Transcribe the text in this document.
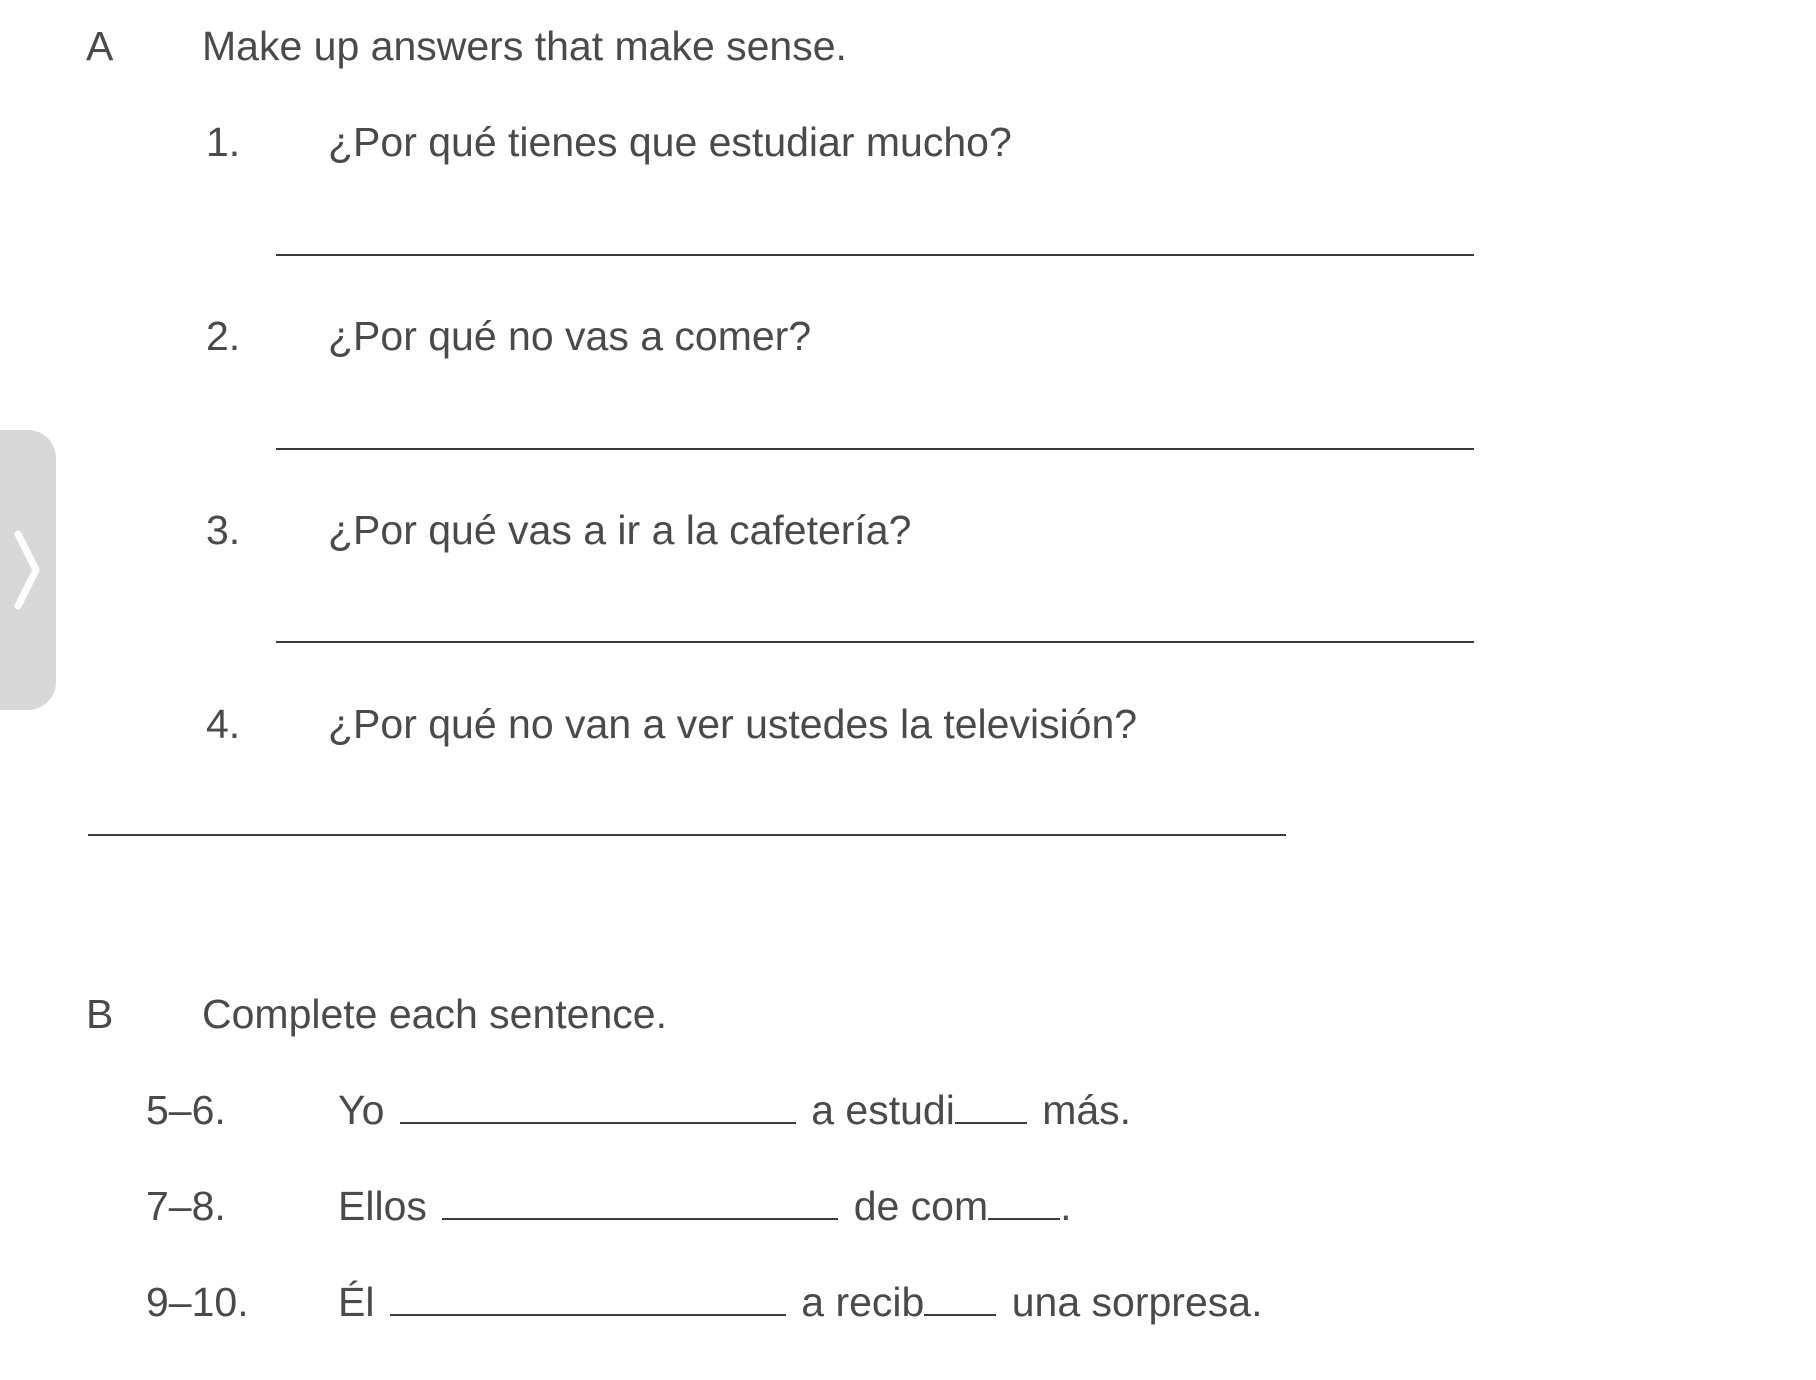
A Make up answers that make sense.
1. ¿Por qué tienes que estudiar mucho?
2. ¿Por qué no vas a comer?
3. ¿Por qué vas a ir a la cafetería?
4. ¿Por qué no van a ver ustedes la televisión?
B Complete each sentence.
5–6.	Yo	a estudi más.
7–8.	Ellos	de com .
9–10. Él	a recib una sorpresa.
